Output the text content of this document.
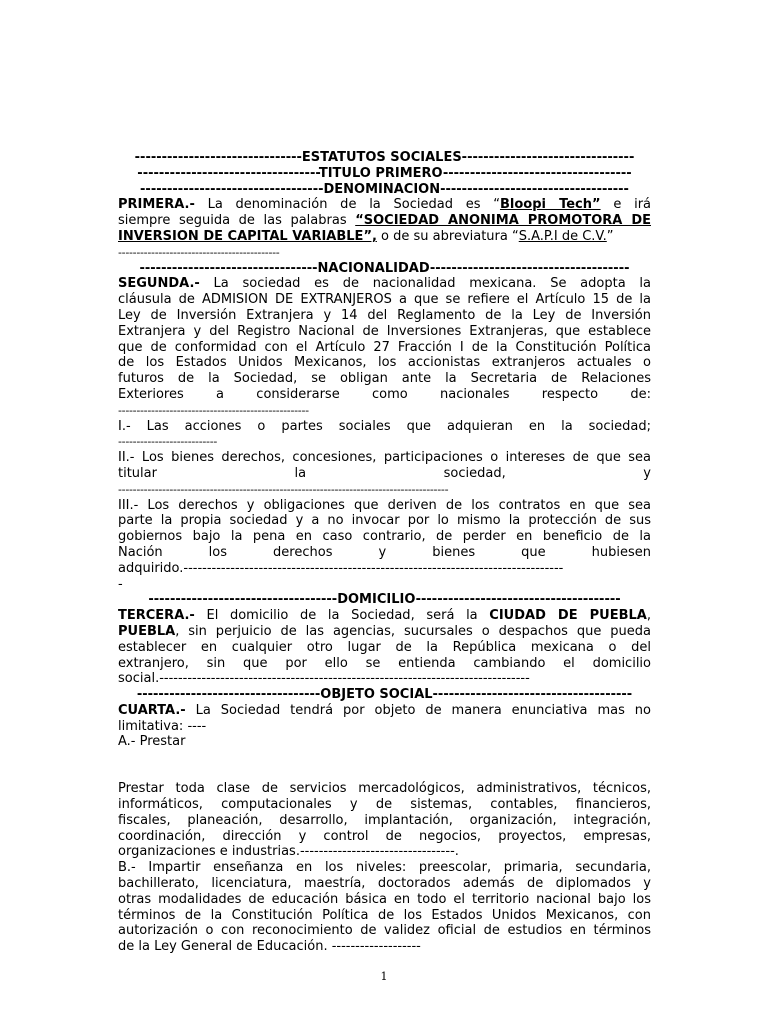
-------------------------------ESTATUTOS SOCIALES--------------------------------
----------------------------------TITULO PRIMERO-----------------------------------
----------------------------------DENOMINACIÓN-----------------------------------
PRIMERA.- La denominación de la Sociedad es “Bloopi Tech” e irá
siempre seguida de las palabras “SOCIEDAD ANÓNIMA PROMOTORA DE
INVERSIÓN DE CAPITAL VARIABLE”, o de su abreviatura “S.A.P.I de C.V.”
--------------------------------------------
---------------------------------NACIONALIDAD-------------------------------------
SEGUNDA.- La sociedad es de nacionalidad mexicana. Se adopta la
cláusula de ADMISIÓN DE EXTRANJEROS a que se refiere el Artículo 15 de la
Ley de Inversión Extranjera y 14 del Reglamento de la Ley de Inversión
Extranjera y del Registro Nacional de Inversiones Extranjeras, que establece
que de conformidad con el Artículo 27 Fracción I de la Constitución Política
de los Estados Unidos Mexicanos, los accionistas extranjeros actuales o
futuros de la Sociedad, se obligan ante la Secretaria de Relaciones
Exteriores a considerarse como nacionales respecto de:
----------------------------------------------------
I.- Las acciones o partes sociales que adquieran en la sociedad;
---------------------------
II.- Los bienes derechos, concesiones, participaciones o intereses de que sea
titular la sociedad, y
------------------------------------------------------------------------------------------
III.- Los derechos y obligaciones que deriven de los contratos en que sea
parte la propia sociedad y a no invocar por lo mismo la protección de sus
gobiernos bajo la pena en caso contrario, de perder en beneficio de la
Nación los derechos y bienes que hubiesen
adquirido.---------------------------------------------------------------------------------
-
-----------------------------------DOMICILIO--------------------------------------
TERCERA.- El domicilio de la Sociedad, será la CIUDAD DE PUEBLA,
PUEBLA, sin perjuicio de las agencias, sucursales o despachos que pueda
establecer en cualquier otro lugar de la República mexicana o del
extranjero, sin que por ello se entienda cambiando el domicilio
social.-------------------------------------------------------------------------------
----------------------------------OBJETO SOCIAL-------------------------------------
CUARTA.- La Sociedad tendrá por objeto de manera enunciativa mas no
limitativa: ----
A.- Prestar
Prestar toda clase de servicios mercadológicos, administrativos, técnicos,
informáticos, computacionales y de sistemas, contables, financieros,
fiscales, planeación, desarrollo, implantación, organización, integración,
coordinación, dirección y control de negocios, proyectos, empresas,
organizaciones e industrias.---------------------------------.
B.- Impartir enseñanza en los niveles: preescolar, primaria, secundaria,
bachillerato, licenciatura, maestría, doctorados además de diplomados y
otras modalidades de educación básica en todo el territorio nacional bajo los
términos de la Constitución Política de los Estados Unidos Mexicanos, con
autorización o con reconocimiento de validez oficial de estudios en términos
de la Ley General de Educación. -------------------
1
